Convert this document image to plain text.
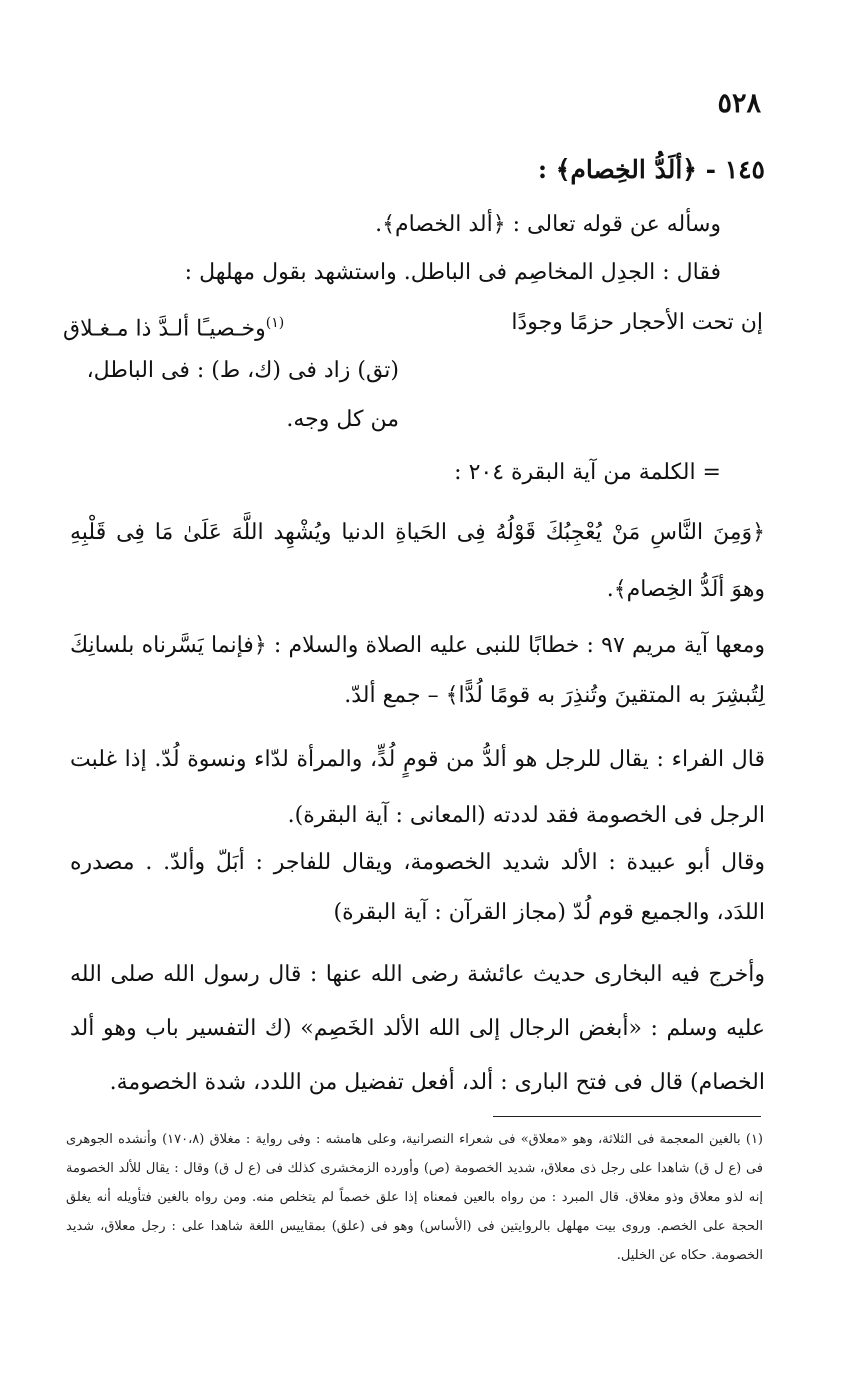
٥٢٨
١٤٥ - ﴿ألَدُّ الخِصام﴾ :
وسأله عن قوله تعالى : ﴿ألد الخصام﴾.
فقال : الجدِل المخاصِم فى الباطل. واستشهد بقول مهلهل :
إن تحت الأحجار حزمًا وجودًا
$^{(١)}$وخـصيـًا ألـدَّ ذا مـغـلاق
(تق) زاد فى (ك، ط) : فى الباطل،
من كل وجه.
= الكلمة من آية البقرة ٢٠٤ :
﴿وَمِنَ النَّاسِ مَنْ يُعْجِبُكَ قَوْلُهُ فِى الحَياةِ الدنيا ويُشْهِد اللَّهَ عَلَىٰ مَا فِى قَلْبِهِ وهوَ ألَدُّ الخِصام﴾.
ومعها آية مريم ٩٧ : خطابًا للنبى عليه الصلاة والسلام : ﴿فإنما يَسَّرناه بلسانِكَ لِتُبشِرَ به المتقينَ وتُنذِرَ به قومًا لُدًّا﴾ – جمع ألدّ.
قال الفراء : يقال للرجل هو ألدُّ من قومٍ لُدٍّ، والمرأة لدّاء ونسوة لُدّ. إذا غلبت الرجل فى الخصومة فقد لددته (المعانى : آية البقرة).
وقال أبو عبيدة : الألد شديد الخصومة، ويقال للفاجر : أبَلّ وألدّ. . مصدره اللدَد، والجميع قوم لُدّ (مجاز القرآن : آية البقرة)
وأخرج فيه البخارى حديث عائشة رضى الله عنها : قال رسول الله صلى الله عليه وسلم : «أبغض الرجال إلى الله الألد الخَصِم» (ك التفسير باب وهو ألد الخصام) قال فى فتح البارى : ألد، أفعل تفضيل من اللدد، شدة الخصومة.
(١) بالغين المعجمة فى الثلاثة، وهو «معلاق» فى شعراء النصرانية، وعلى هامشه : وفى رواية : مغلاق (١٧٠،٨) وأنشده الجوهرى فى (ع ل ق) شاهدا على رجل ذى معلاق، شديد الخصومة (ص) وأورده الزمخشرى كذلك فى (ع ل ق) وقال : يقال للألد الخصومة إنه لذو معلاق وذو مغلاق. قال المبرد : من رواه بالعين فمعناه إذا علق خصماً لم يتخلص منه. ومن رواه بالغين فتأويله أنه يغلق الحجة على الخصم. وروى بيت مهلهل بالروايتين فى (الأساس) وهو فى (علق) بمقاييس اللغة شاهدا على : رجل معلاق، شديد الخصومة. حكاه عن الخليل.
